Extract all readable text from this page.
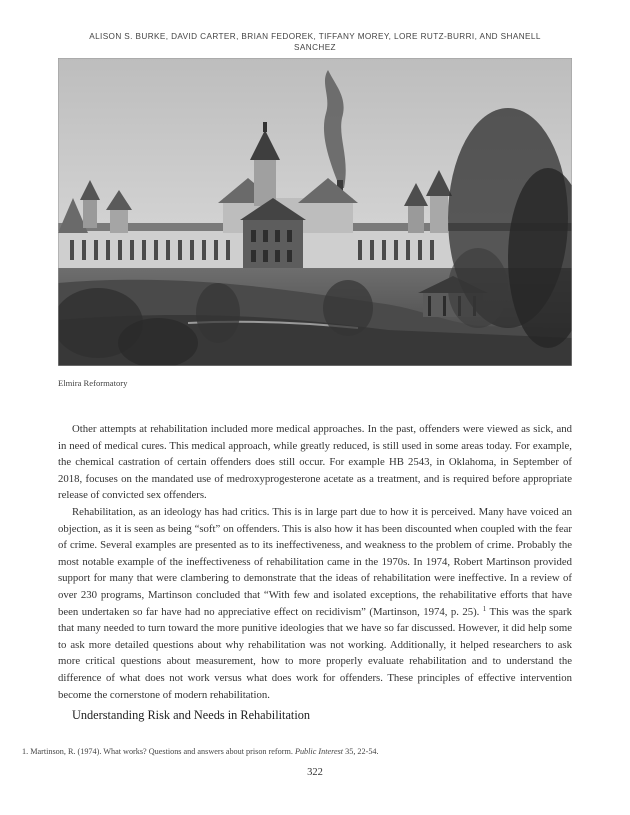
ALISON S. BURKE, DAVID CARTER, BRIAN FEDOREK, TIFFANY MOREY, LORE RUTZ-BURRI, AND SHANELL
SANCHEZ
Elmira Reformatory

Other attempts at rehabilitation included more medical approaches. In the past, offenders were viewed as sick, and in need of medical cures. This medical approach, while greatly reduced, is still used in some areas today. For example, the chemical castration of certain offenders does still occur. For example HB 2543, in Oklahoma, in September of 2018, focuses on the mandated use of medroxyprogesterone acetate as a treatment, and is required before appropriate release of convicted sex offenders.

Rehabilitation, as an ideology has had critics. This is in large part due to how it is perceived. Many have voiced an objection, as it is seen as being “soft” on offenders. This is also how it has been discounted when coupled with the fear of crime. Several examples are presented as to its ineffectiveness, and weakness to the problem of crime. Probably the most notable example of the ineffectiveness of rehabilitation came in the 1970s. In 1974, Robert Martinson provided support for many that were clambering to demonstrate that the ideas of rehabilitation were ineffective. In a review of over 230 programs, Martinson concluded that “With few and isolated exceptions, the rehabilitative efforts that have been undertaken so far have had no appreciative effect on recidivism” (Martinson, 1974, p. 25). $^1$ This was the spark that many needed to turn toward the more punitive ideologies that we have so far discussed. However, it did help some to ask more detailed questions about why rehabilitation was not working. Additionally, it helped researchers to ask more critical questions about measurement, how to more properly evaluate rehabilitation and to understand the difference of what does not work versus what does work for offenders. These principles of effective intervention become the cornerstone of modern rehabilitation.

Understanding Risk and Needs in Rehabilitation
1. Martinson, R. (1974). What works? Questions and answers about prison reform. Public Interest 35, 22-54.
322
